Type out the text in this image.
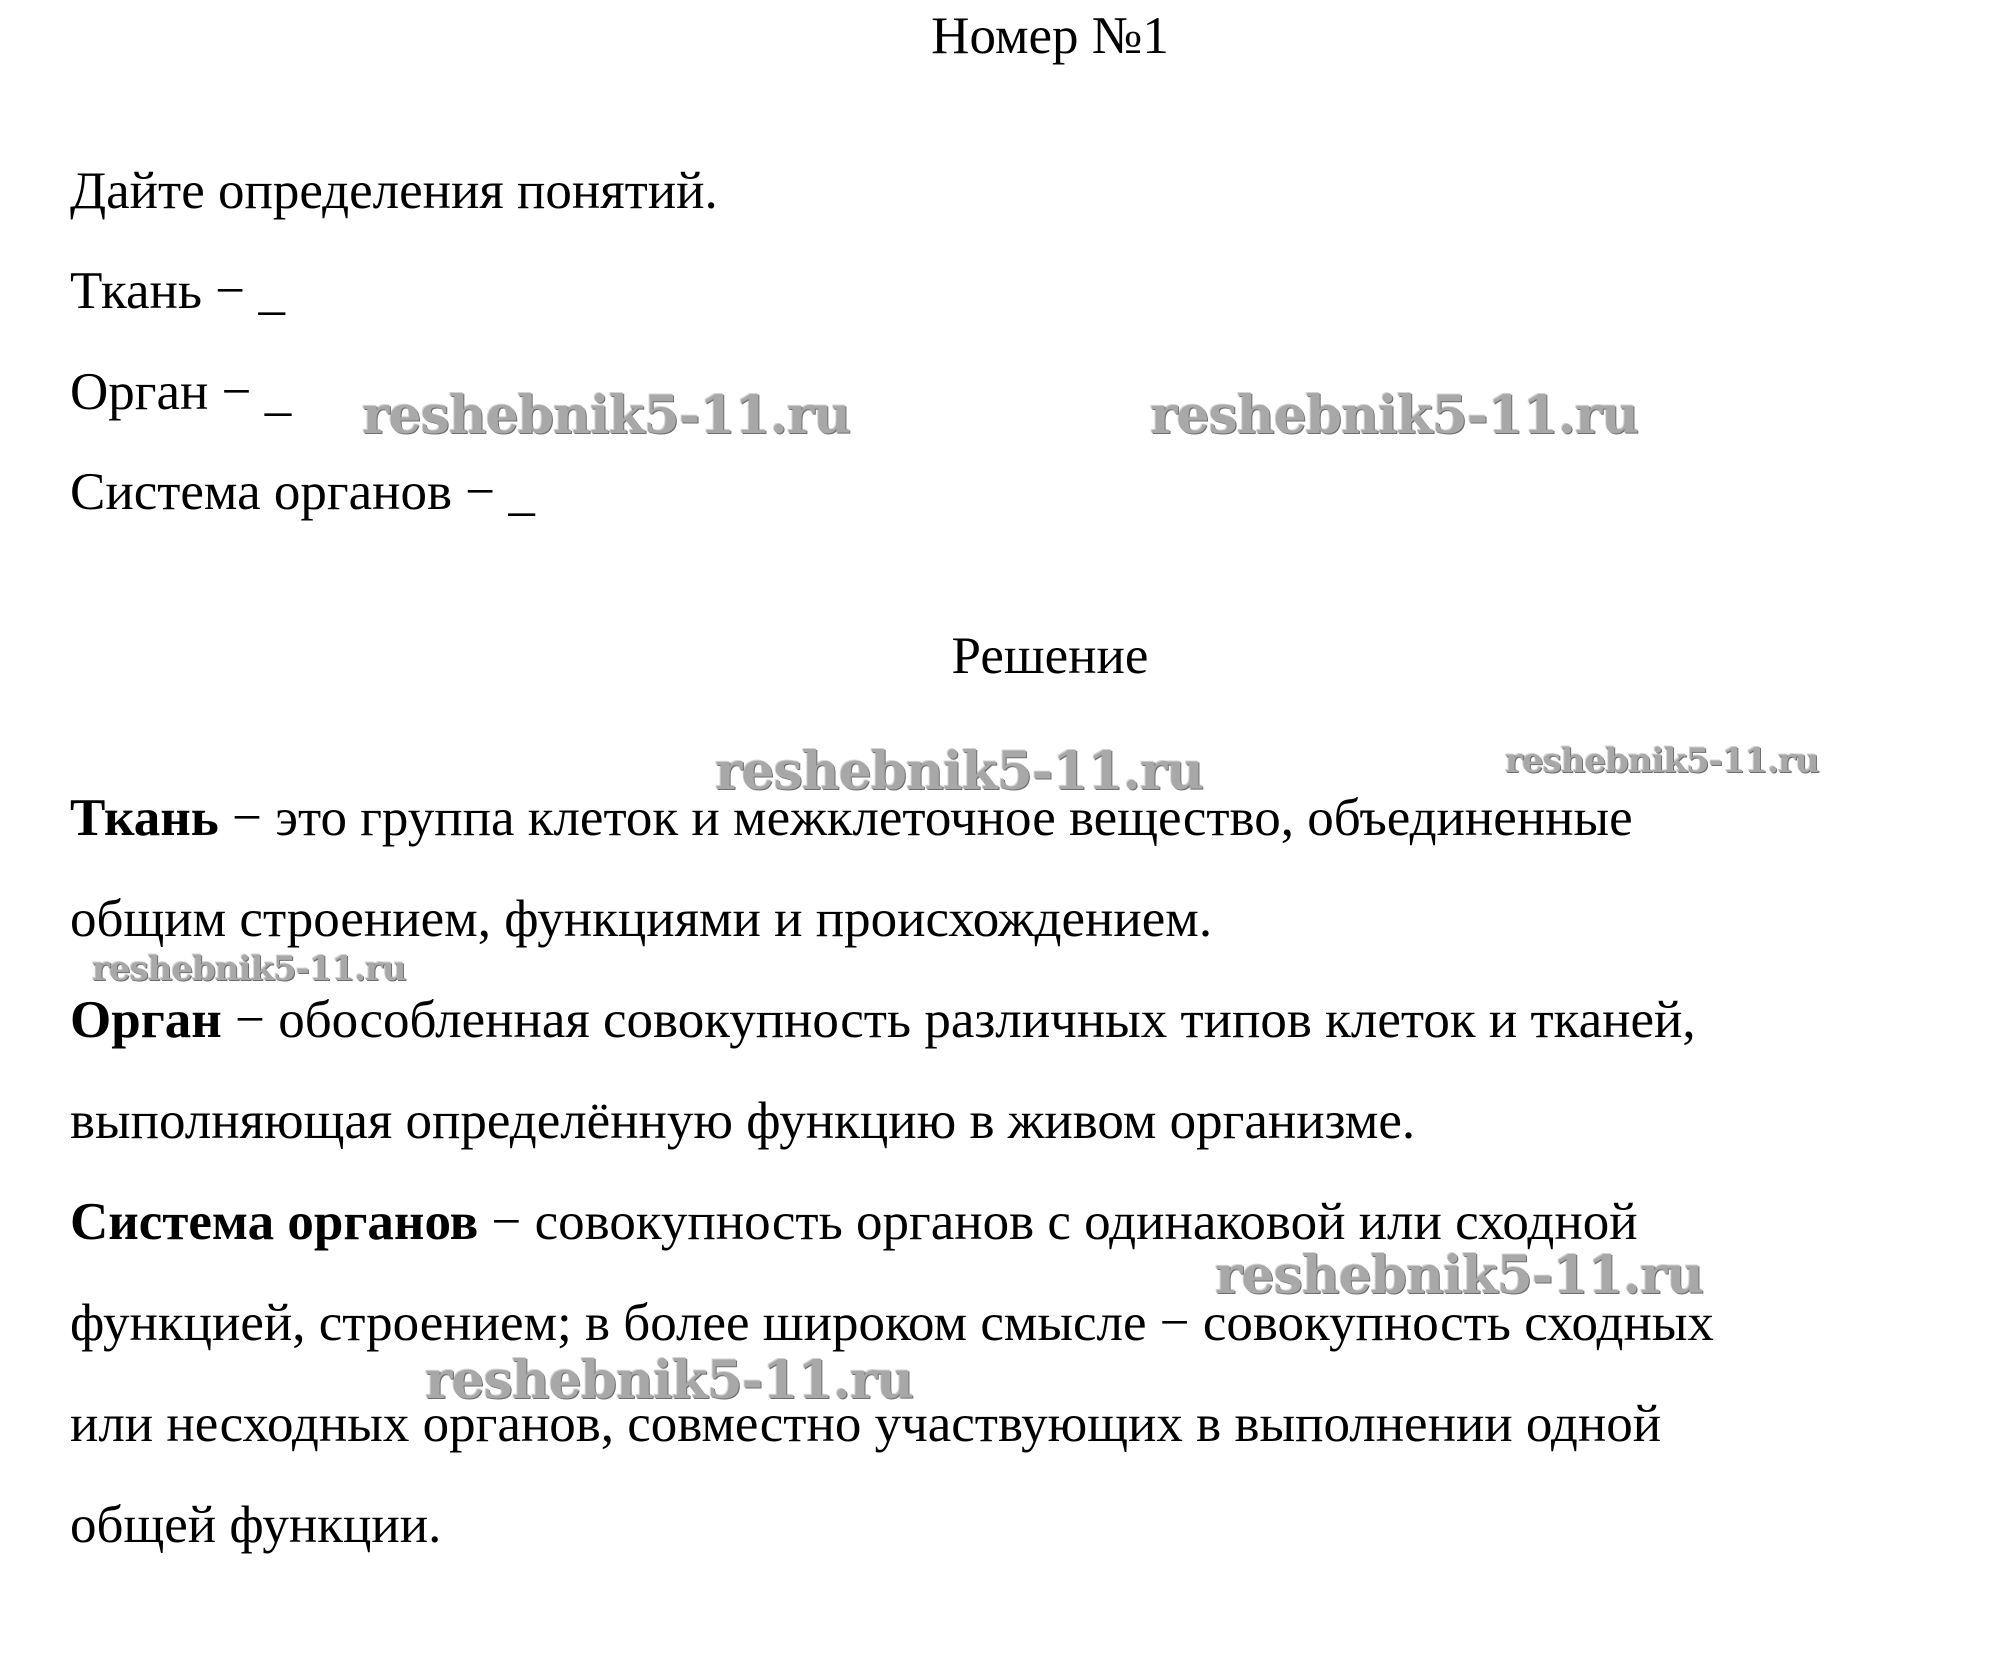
Номер №1
Дайте определения понятий.
Ткань − _
Орган − _
Система органов − _
Решение
Ткань − это группа клеток и межклеточное вещество, объединенные
общим строением, функциями и происхождением.
Орган − обособленная совокупность различных типов клеток и тканей,
выполняющая определённую функцию в живом организме.
Система органов − совокупность органов с одинаковой или сходной
функцией, строением; в более широком смысле − совокупность сходных
или несходных органов, совместно участвующих в выполнении одной
общей функции.
reshebnik5-11.ru	reshebnik5-11.ru
reshebnik5-11.ru	reshebnik5-11.ru
reshebnik5-11.ru
reshebnik5-11.ru
reshebnik5-11.ru
